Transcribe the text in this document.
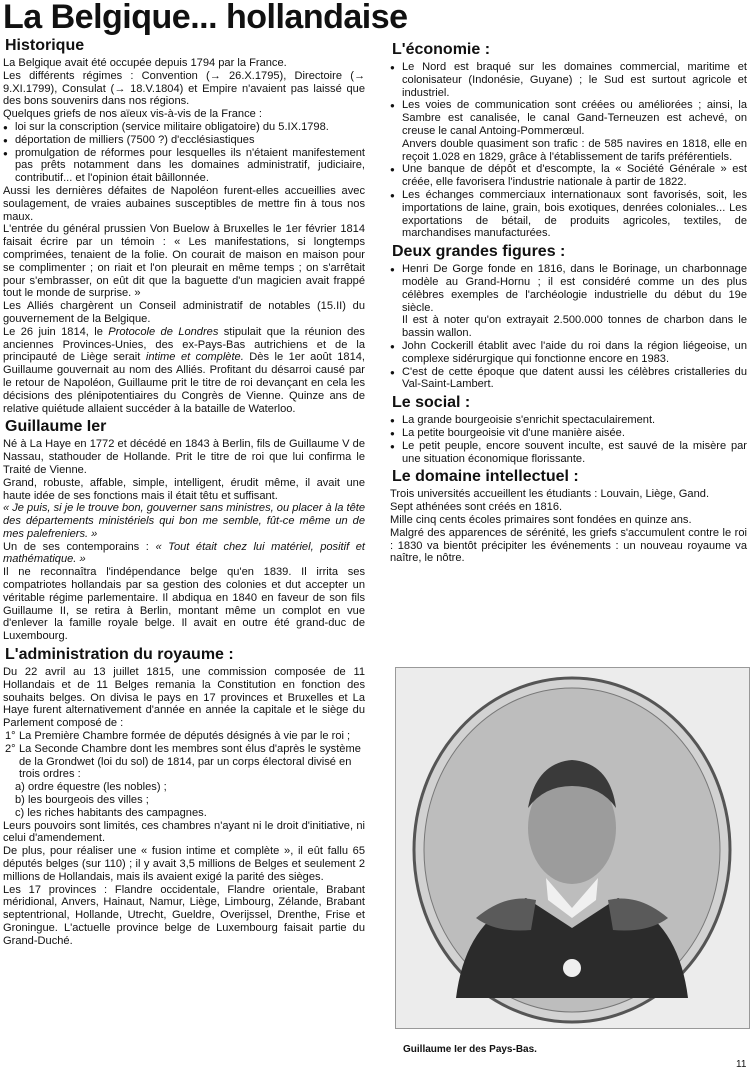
La Belgique... hollandaise
Historique

La Belgique avait été occupée depuis 1794 par la France.

Les différents régimes : Convention (→ 26.X.1795), Directoire (→ 9.XI.1799), Consulat (→ 18.V.1804) et Empire n'avaient pas laissé que des bons souvenirs dans nos régions.

Quelques griefs de nos aïeux vis-à-vis de la France :

● loi sur la conscription (service militaire obligatoire) du 5.IX.1798.
● déportation de milliers (7500 ?) d'ecclésiastiques
● promulgation de réformes pour lesquelles ils n'étaient manifestement pas prêts notamment dans les domaines administratif, judiciaire, contributif... et l'opinion était bâillonnée.

Aussi les dernières défaites de Napoléon furent-elles accueillies avec soulagement, de vraies aubaines susceptibles de mettre fin à tous nos maux.

L'entrée du général prussien Von Buelow à Bruxelles le 1er février 1814 faisait écrire par un témoin : « Les manifestations, si longtemps comprimées, tenaient de la folie. On courait de maison en maison pour se complimenter ; on riait et l'on pleurait en même temps ; on s'arrêtait pour s'embrasser, on eût dit que la baguette d'un magicien avait frappé tout le monde de surprise. »

Les Alliés chargèrent un Conseil administratif de notables (15.II) du gouvernement de la Belgique.

Le 26 juin 1814, le Protocole de Londres stipulait que la réunion des anciennes Provinces-Unies, des ex-Pays-Bas autrichiens et de la principauté de Liège serait intime et complète. Dès le 1er août 1814, Guillaume gouvernait au nom des Alliés. Profitant du désarroi causé par le retour de Napoléon, Guillaume prit le titre de roi devançant en cela les décisions des plénipotentiaires du Congrès de Vienne. Quinze ans de relative quiétude allaient succéder à la bataille de Waterloo.

Guillaume Ier

Né à La Haye en 1772 et décédé en 1843 à Berlin, fils de Guillaume V de Nassau, stathouder de Hollande. Prit le titre de roi que lui confirma le Traité de Vienne.

Grand, robuste, affable, simple, intelligent, érudit même, il avait une haute idée de ses fonctions mais il était têtu et suffisant.

« Je puis, si je le trouve bon, gouverner sans ministres, ou placer à la tête des départements ministériels qui bon me semble, fût-ce même un de mes palefreniers. »

Un de ses contemporains : « Tout était chez lui matériel, positif et mathématique. »

Il ne reconnaîtra l'indépendance belge qu'en 1839. Il irrita ses compatriotes hollandais par sa gestion des colonies et dut accepter un véritable régime parlementaire. Il abdiqua en 1840 en faveur de son fils Guillaume II, se retira à Berlin, montant même un complot en vue d'enlever la famille royale belge. Il avait en outre été grand-duc de Luxembourg.

L'administration du royaume :

Du 22 avril au 13 juillet 1815, une commission composée de 11 Hollandais et de 11 Belges remania la Constitution en fonction des souhaits belges. On divisa le pays en 17 provinces et Bruxelles et La Haye furent alternativement d'année en année la capitale et le siège du Parlement composé de :

1° La Première Chambre formée de députés désignés à vie par le roi ;
2° La Seconde Chambre dont les membres sont élus d'après le système de la Grondwet (loi du sol) de 1814, par un corps électoral divisé en trois ordres :
a) ordre équestre (les nobles) ;
b) les bourgeois des villes ;
c) les riches habitants des campagnes.

Leurs pouvoirs sont limités, ces chambres n'ayant ni le droit d'initiative, ni celui d'amendement.

De plus, pour réaliser une « fusion intime et complète », il eût fallu 65 députés belges (sur 110) ; il y avait 3,5 millions de Belges et seulement 2 millions de Hollandais, mais ils avaient exigé la parité des sièges.

Les 17 provinces : Flandre occidentale, Flandre orientale, Brabant méridional, Anvers, Hainaut, Namur, Liège, Limbourg, Zélande, Brabant septentrional, Hollande, Utrecht, Gueldre, Overijssel, Drenthe, Frise et Groningue. L'actuelle province belge de Luxembourg faisait partie du Grand-Duché.

L'économie :
● Le Nord est braqué sur les domaines commercial, maritime et colonisateur (Indonésie, Guyane) ; le Sud est surtout agricole et industriel.
● Les voies de communication sont créées ou améliorées ; ainsi, la Sambre est canalisée, le canal Gand-Terneuzen est achevé, on creuse le canal Antoing-Pommerœul.
Anvers double quasiment son trafic : de 585 navires en 1818, elle en reçoit 1.028 en 1829, grâce à l'établissement de tarifs préférentiels.
● Une banque de dépôt et d'escompte, la « Société Générale » est créée, elle favorisera l'industrie nationale à partir de 1822.
● Les échanges commerciaux internationaux sont favorisés, soit, les importations de laine, grain, bois exotiques, denrées coloniales... Les exportations de bétail, de produits agricoles, textiles, de marchandises manufacturées.
Deux grandes figures :
● Henri De Gorge fonde en 1816, dans le Borinage, un charbonnage modèle au Grand-Hornu ; il est considéré comme un des plus célèbres exemples de l'archéologie industrielle du début du 19e siècle.
Il est à noter qu'on extrayait 2.500.000 tonnes de charbon dans le bassin wallon.
● John Cockerill établit avec l'aide du roi dans la région liégeoise, un complexe sidérurgique qui fonctionne encore en 1983.
● C'est de cette époque que datent aussi les célèbres cristalleries du Val-Saint-Lambert.
Le social :
● La grande bourgeoisie s'enrichit spectaculairement.
● La petite bourgeoisie vit d'une manière aisée.
● Le petit peuple, encore souvent inculte, est sauvé de la misère par une situation économique florissante.
Le domaine intellectuel :

Trois universités accueillent les étudiants : Louvain, Liège, Gand.

Sept athénées sont créés en 1816.

Mille cinq cents écoles primaires sont fondées en quinze ans.

Malgré des apparences de sérénité, les griefs s'accumulent contre le roi : 1830 va bientôt précipiter les événements : un nouveau royaume va naître, le nôtre.

Guillaume Ier des Pays-Bas.
11
